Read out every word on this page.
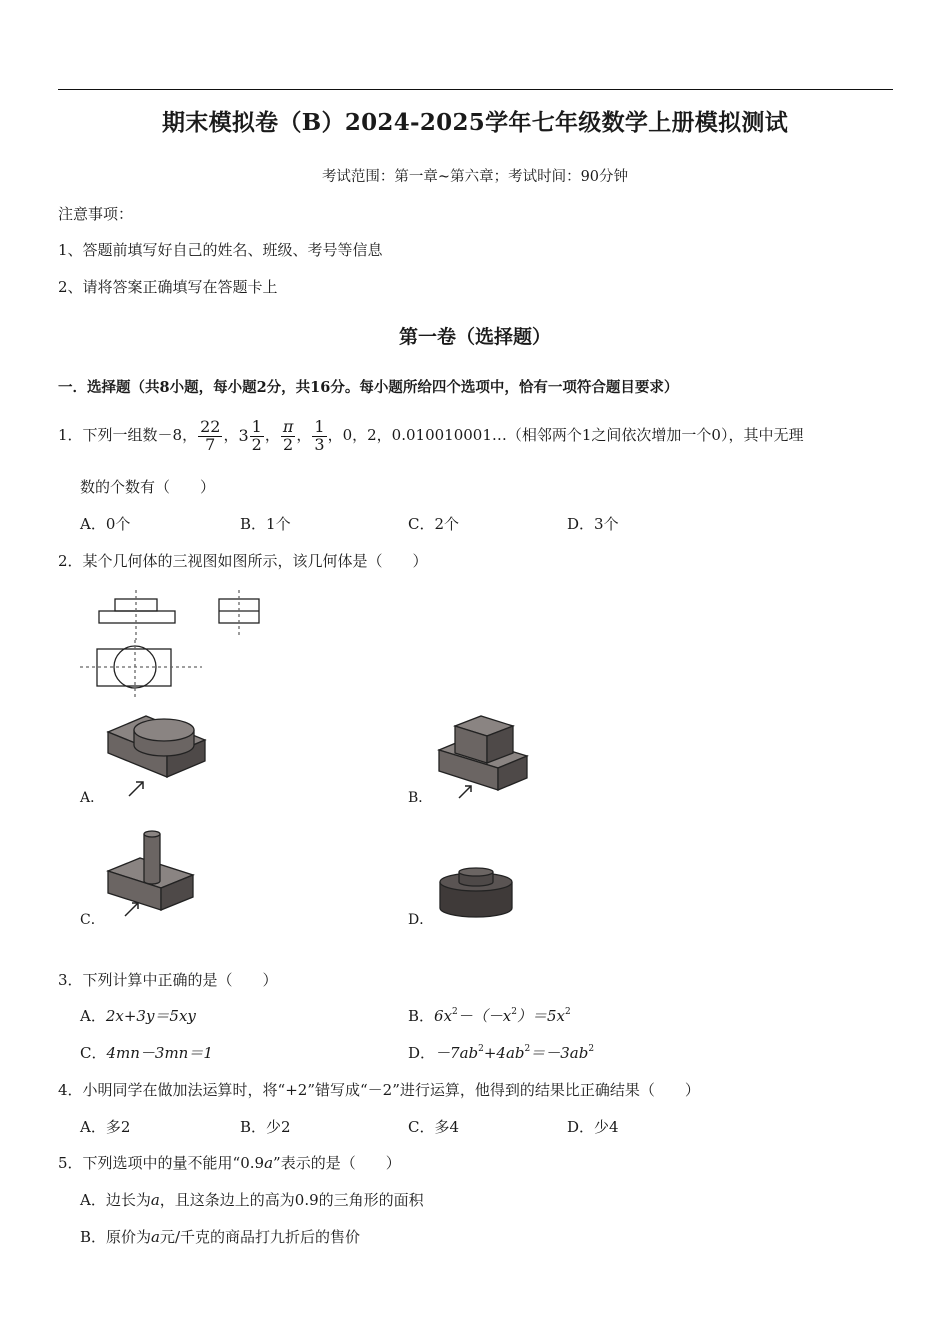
期末模拟卷（B）2024-2025学年七年级数学上册模拟测试
考试范围：第一章~第六章；考试时间：90分钟
注意事项：
1、答题前填写好自己的姓名、班级、考号等信息
2、请将答案正确填写在答题卡上
第一卷（选择题）
一．选择题（共8小题，每小题2分，共16分。每小题所给四个选项中，恰有一项符合题目要求）
1．下列一组数－8， $\frac{22}{7}$ ，$3 \frac{1}{2}$ ， $\frac{\pi}{2}$ ， $\frac{1}{3}$ ，0，2，0.010010001…（相邻两个1之间依次增加一个0），其中无理
数的个数有（　　）
A．0个	B．1个	C．2个	D．3个
2．某个几何体的三视图如图所示，该几何体是（　　）
A．	B．
C．	D．
3．下列计算中正确的是（　　）
A．2x+3y＝5xy	B．$6x^2-(-x^2)=5x^2$
C．4mn－3mn＝1	D．$-7ab^2+4ab^2=-3ab^2$
4．小明同学在做加法运算时，将“+2”错写成“－2”进行运算，他得到的结果比正确结果（　　）
A．多2	B．少2	C．多4	D．少4
5．下列选项中的量不能用“0.9a”表示的是（　　）
A．边长为a，且这条边上的高为0.9的三角形的面积
B．原价为a元/千克的商品打九折后的售价
